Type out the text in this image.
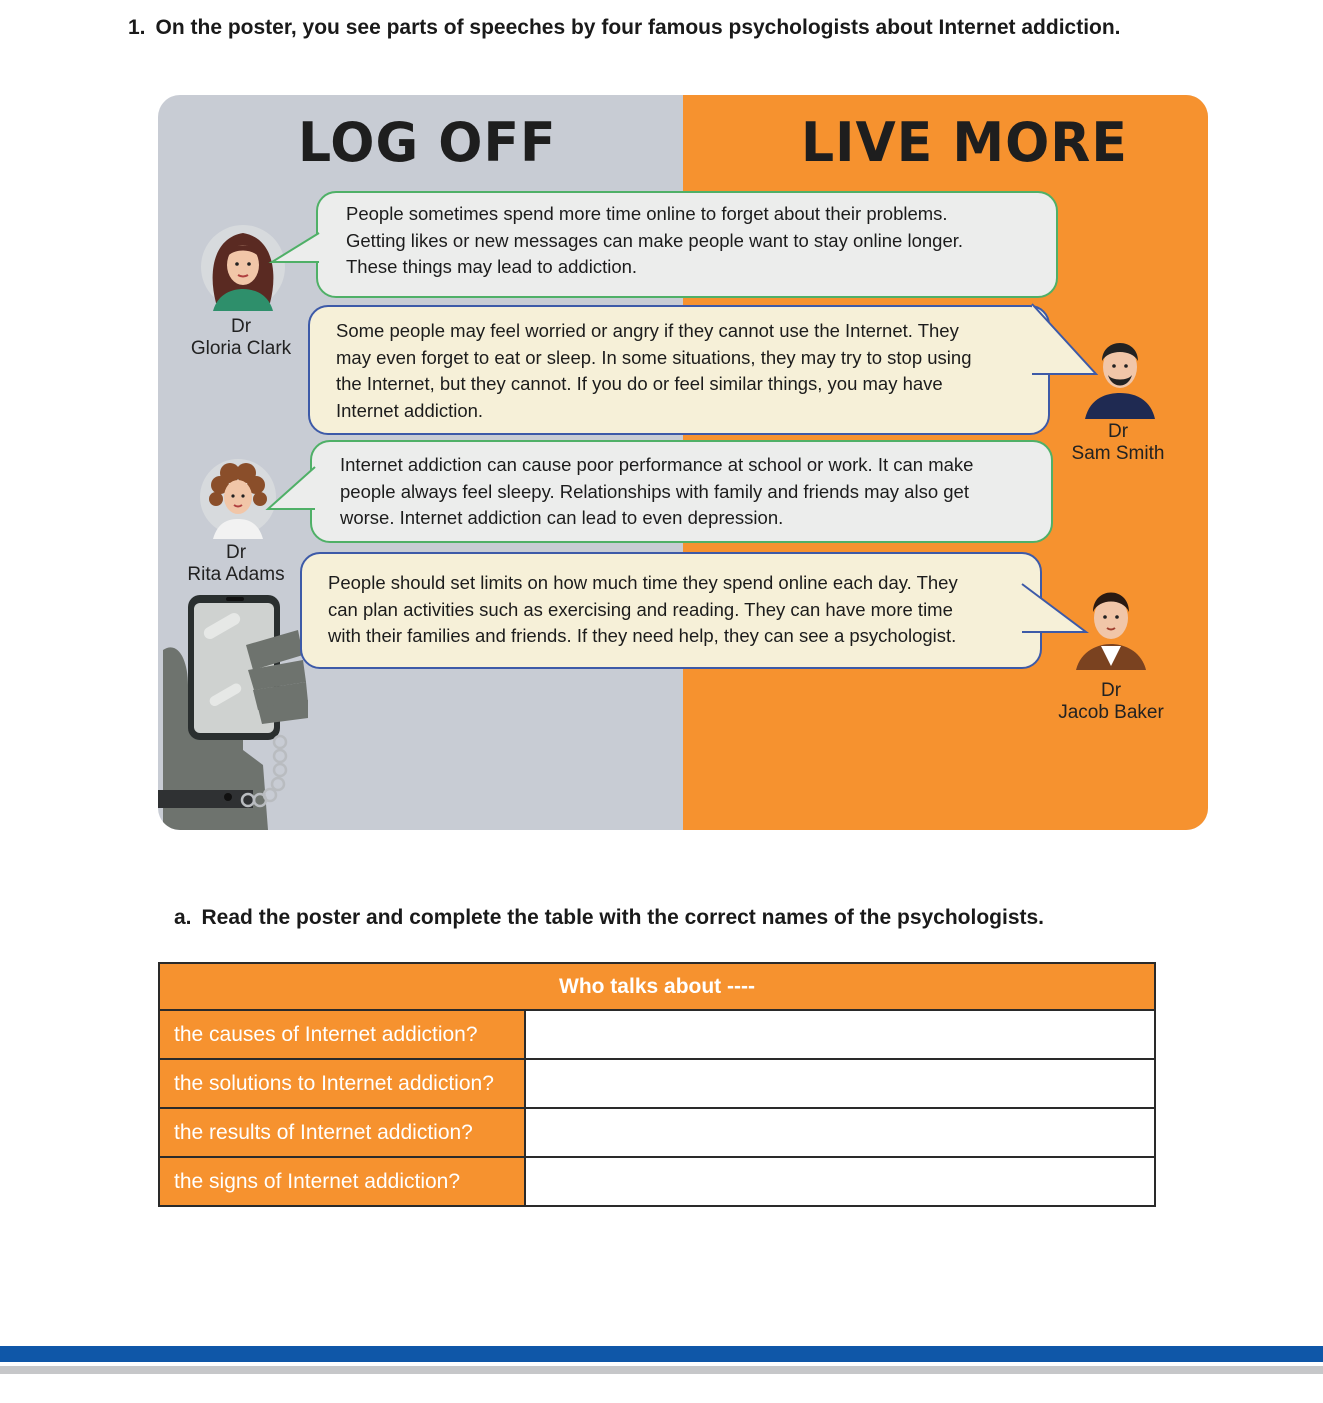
1. On the poster, you see parts of speeches by four famous psychologists about Internet addiction.
LOG OFF	LIVE MORE
Dr
Gloria Clark
Dr
Rita Adams
Dr
Sam Smith
Dr
Jacob Baker
People sometimes spend more time online to forget about their problems.
Getting likes or new messages can make people want to stay online longer.
These things may lead to addiction.
Some people may feel worried or angry if they cannot use the Internet. They
may even forget to eat or sleep. In some situations, they may try to stop using
the Internet, but they cannot. If you do or feel similar things, you may have
Internet addiction.
Internet addiction can cause poor performance at school or work. It can make
people always feel sleepy. Relationships with family and friends may also get
worse. Internet addiction can lead to even depression.
People should set limits on how much time they spend online each day. They
can plan activities such as exercising and reading. They can have more time
with their families and friends. If they need help, they can see a psychologist.
a. Read the poster and complete the table with the correct names of the psychologists.
Who talks about ----	
the causes of Internet addiction?	
the solutions to Internet addiction?	
the results of Internet addiction?	
the signs of Internet addiction?	
